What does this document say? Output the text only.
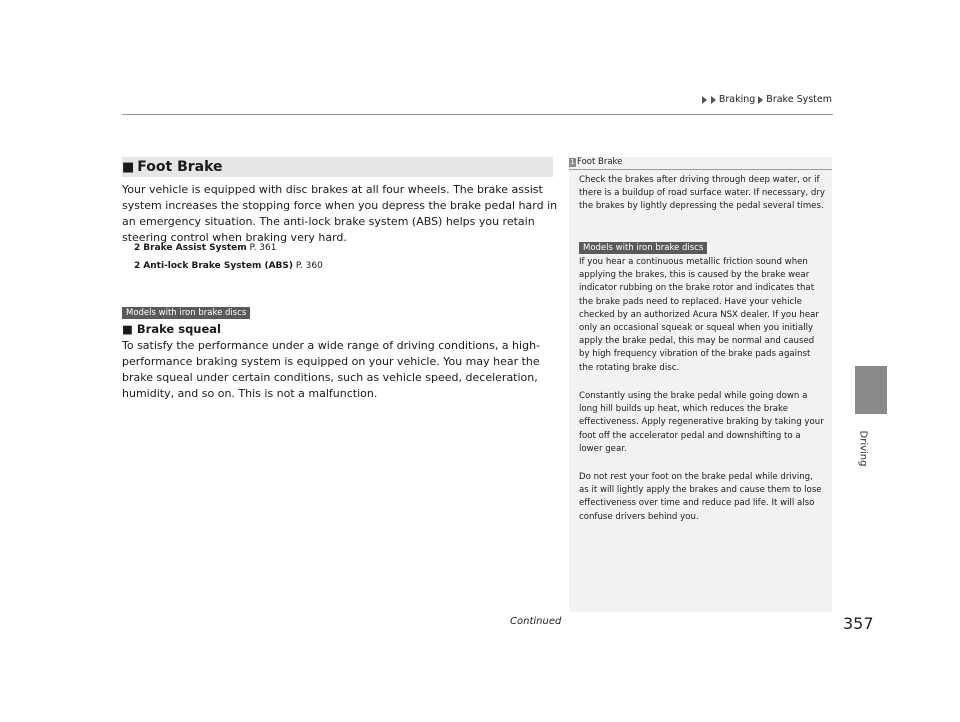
Braking Brake System
Driving
■ Foot Brake
Your vehicle is equipped with disc brakes at all four wheels. The brake assist system increases the stopping force when you depress the brake pedal hard in an emergency situation. The anti-lock brake system (ABS) helps you retain steering control when braking very hard.
2 Brake Assist System P. 361
2 Anti-lock Brake System (ABS) P. 360
Models with iron brake discs
■ Brake squeal
To satisfy the performance under a wide range of driving conditions, a high-performance braking system is equipped on your vehicle. You may hear the brake squeal under certain conditions, such as vehicle speed, deceleration, humidity, and so on. This is not a malfunction.
1 Foot Brake
Check the brakes after driving through deep water, or if there is a buildup of road surface water. If necessary, dry the brakes by lightly depressing the pedal several times.
Models with iron brake discs
If you hear a continuous metallic friction sound when applying the brakes, this is caused by the brake wear indicator rubbing on the brake rotor and indicates that the brake pads need to replaced. Have your vehicle checked by an authorized Acura NSX dealer. If you hear only an occasional squeak or squeal when you initially apply the brake pedal, this may be normal and caused by high frequency vibration of the brake pads against the rotating brake disc.
Constantly using the brake pedal while going down a long hill builds up heat, which reduces the brake effectiveness. Apply regenerative braking by taking your foot off the accelerator pedal and downshifting to a lower gear.
Do not rest your foot on the brake pedal while driving, as it will lightly apply the brakes and cause them to lose effectiveness over time and reduce pad life. It will also confuse drivers behind you.
Continued	357
